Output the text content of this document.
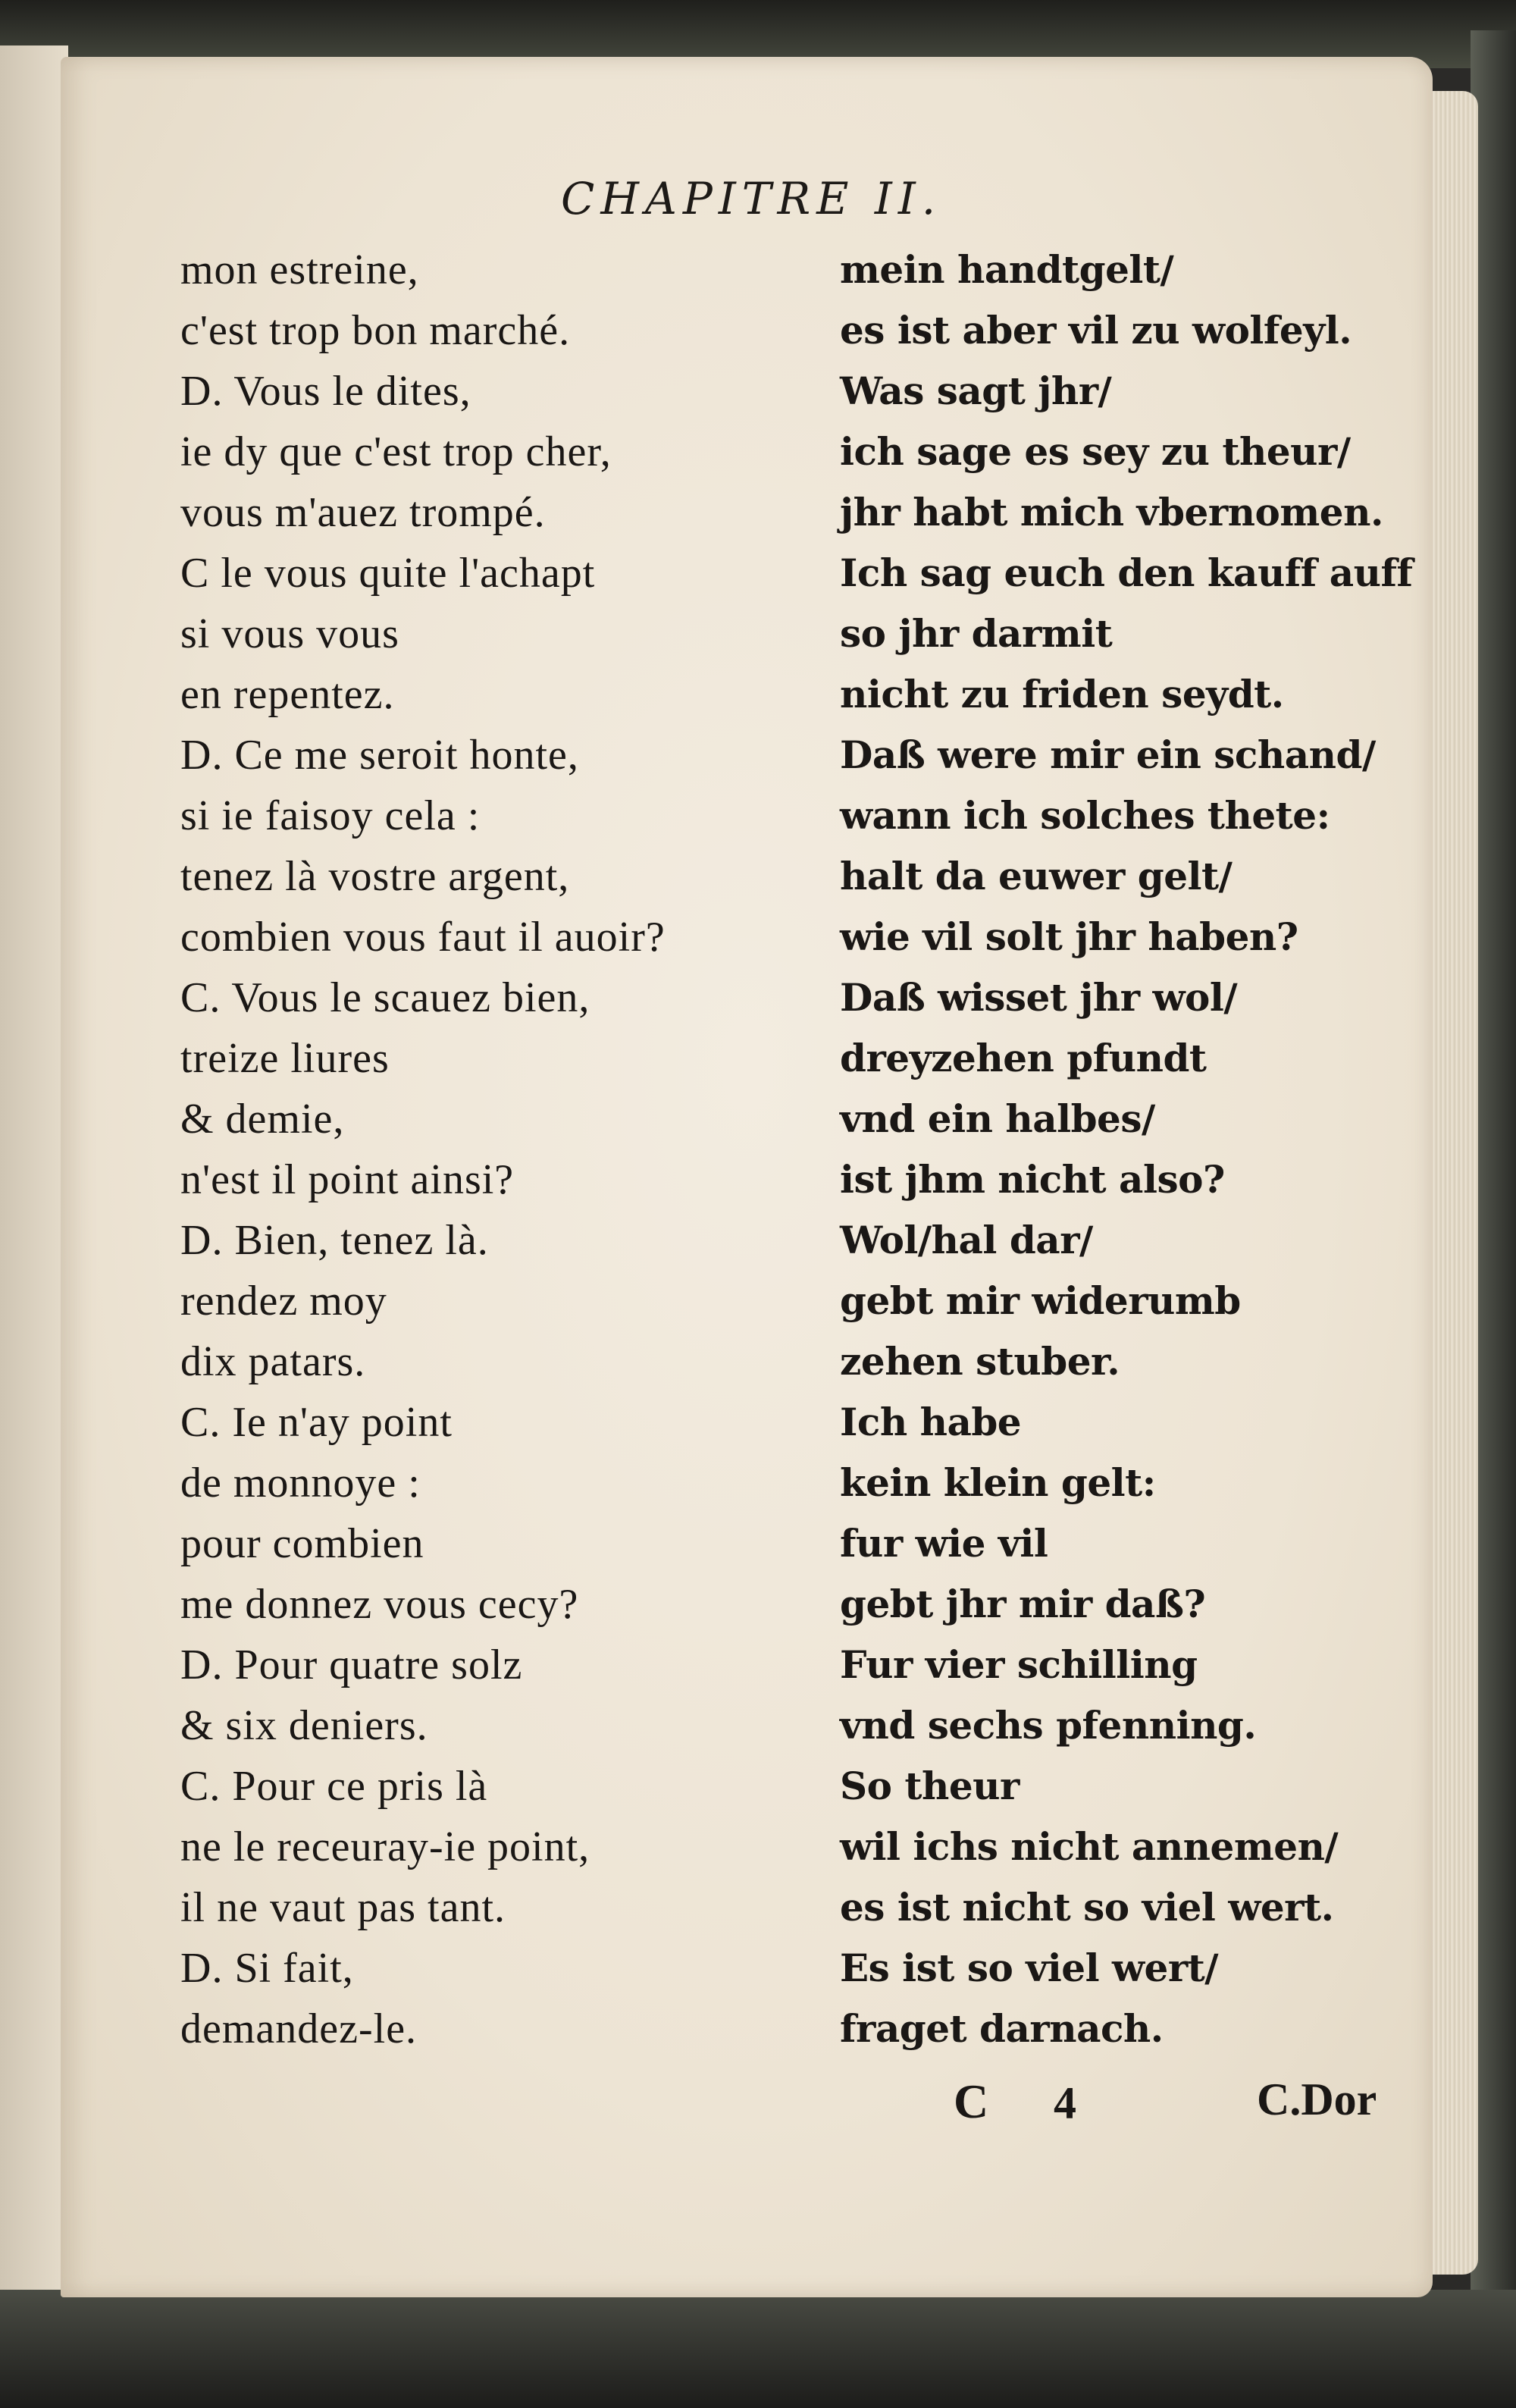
CHAPITRE II.
mon estreine,
c'est trop bon marché.
D. Vous le dites,
ie dy que c'est trop cher,
vous m'auez trompé.
C le vous quite l'achapt
si vous vous
en repentez.
D. Ce me seroit honte,
si ie faisoy cela :
tenez là vostre argent,
combien vous faut il auoir?
C. Vous le scauez bien,
treize liures
& demie,
n'est il point ainsi?
D. Bien, tenez là.
rendez moy
dix patars.
C. Ie n'ay point
de monnoye :
pour combien
me donnez vous cecy?
D. Pour quatre solz
& six deniers.
C. Pour ce pris là
ne le receuray-ie point,
il ne vaut pas tant.
D. Si fait,
demandez-le.
mein handtgelt/
es ist aber vil zu wolfeyl.
Was sagt jhr/
ich sage es sey zu theur/
jhr habt mich vbernomen.
Ich sag euch den kauff auff
so jhr darmit
nicht zu friden seydt.
Daß were mir ein schand/
wann ich solches thete:
halt da euwer gelt/
wie vil solt jhr haben?
Daß wisset jhr wol/
dreyzehen pfundt
vnd ein halbes/
ist jhm nicht also?
Wol/hal dar/
gebt mir widerumb
zehen stuber.
Ich habe
kein klein gelt:
fur wie vil
gebt jhr mir daß?
Fur vier schilling
vnd sechs pfenning.
So theur
wil ichs nicht annemen/
es ist nicht so viel wert.
Es ist so viel wert/
fraget darnach.
C 4	C.Dor
